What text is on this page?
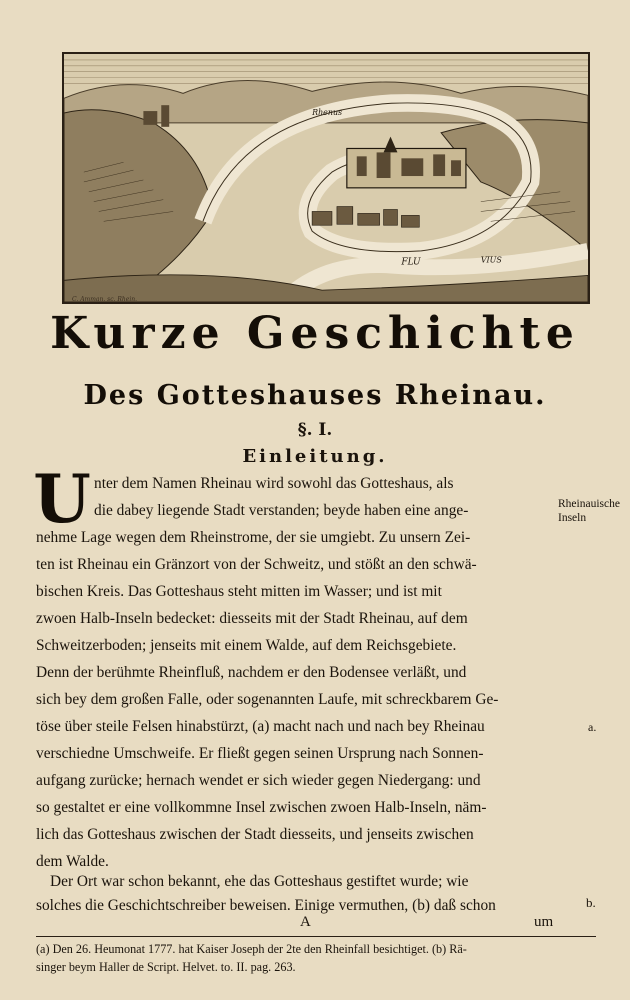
Rhenus
FLU	VIUS
C. Amman. sc. Rhein.
Kurze Geschichte
Des Gotteshauses Rheinau.
§. I.
Einleitung.
U nter dem Namen Rheinau wird sowohl das Gotteshaus, als
die dabey liegende Stadt verstanden; beyde haben eine ange-
nehme Lage wegen dem Rheinstrome, der sie umgiebt. Zu unsern Zei-
ten ist Rheinau ein Gränzort von der Schweitz, und stößt an den schwä-
bischen Kreis. Das Gotteshaus steht mitten im Wasser; und ist mit
zwoen Halb-Inseln bedecket: diesseits mit der Stadt Rheinau, auf dem
Schweitzerboden; jenseits mit einem Walde, auf dem Reichsgebiete.
Denn der berühmte Rheinfluß, nachdem er den Bodensee verläßt, und
sich bey dem großen Falle, oder sogenannten Laufe, mit schreckbarem Ge-
töse über steile Felsen hinabstürzt, (a) macht nach und nach bey Rheinau
verschiedne Umschweife. Er fließt gegen seinen Ursprung nach Sonnen-
aufgang zurücke; hernach wendet er sich wieder gegen Niedergang: und
so gestaltet er eine vollkommne Insel zwischen zwoen Halb-Inseln, näm-
lich das Gotteshaus zwischen der Stadt diesseits, und jenseits zwischen
dem Walde.
Der Ort war schon bekannt, ehe das Gotteshaus gestiftet wurde; wie
solches die Geschichtschreiber beweisen. Einige vermuthen, (b) daß schon
Rheinauische Inseln
a.
b.
A	um
(a) Den 26. Heumonat 1777. hat Kaiser Joseph der 2te den Rheinfall besichtiget. (b) Rä-
singer beym Haller de Script. Helvet. to. II. pag. 263.
